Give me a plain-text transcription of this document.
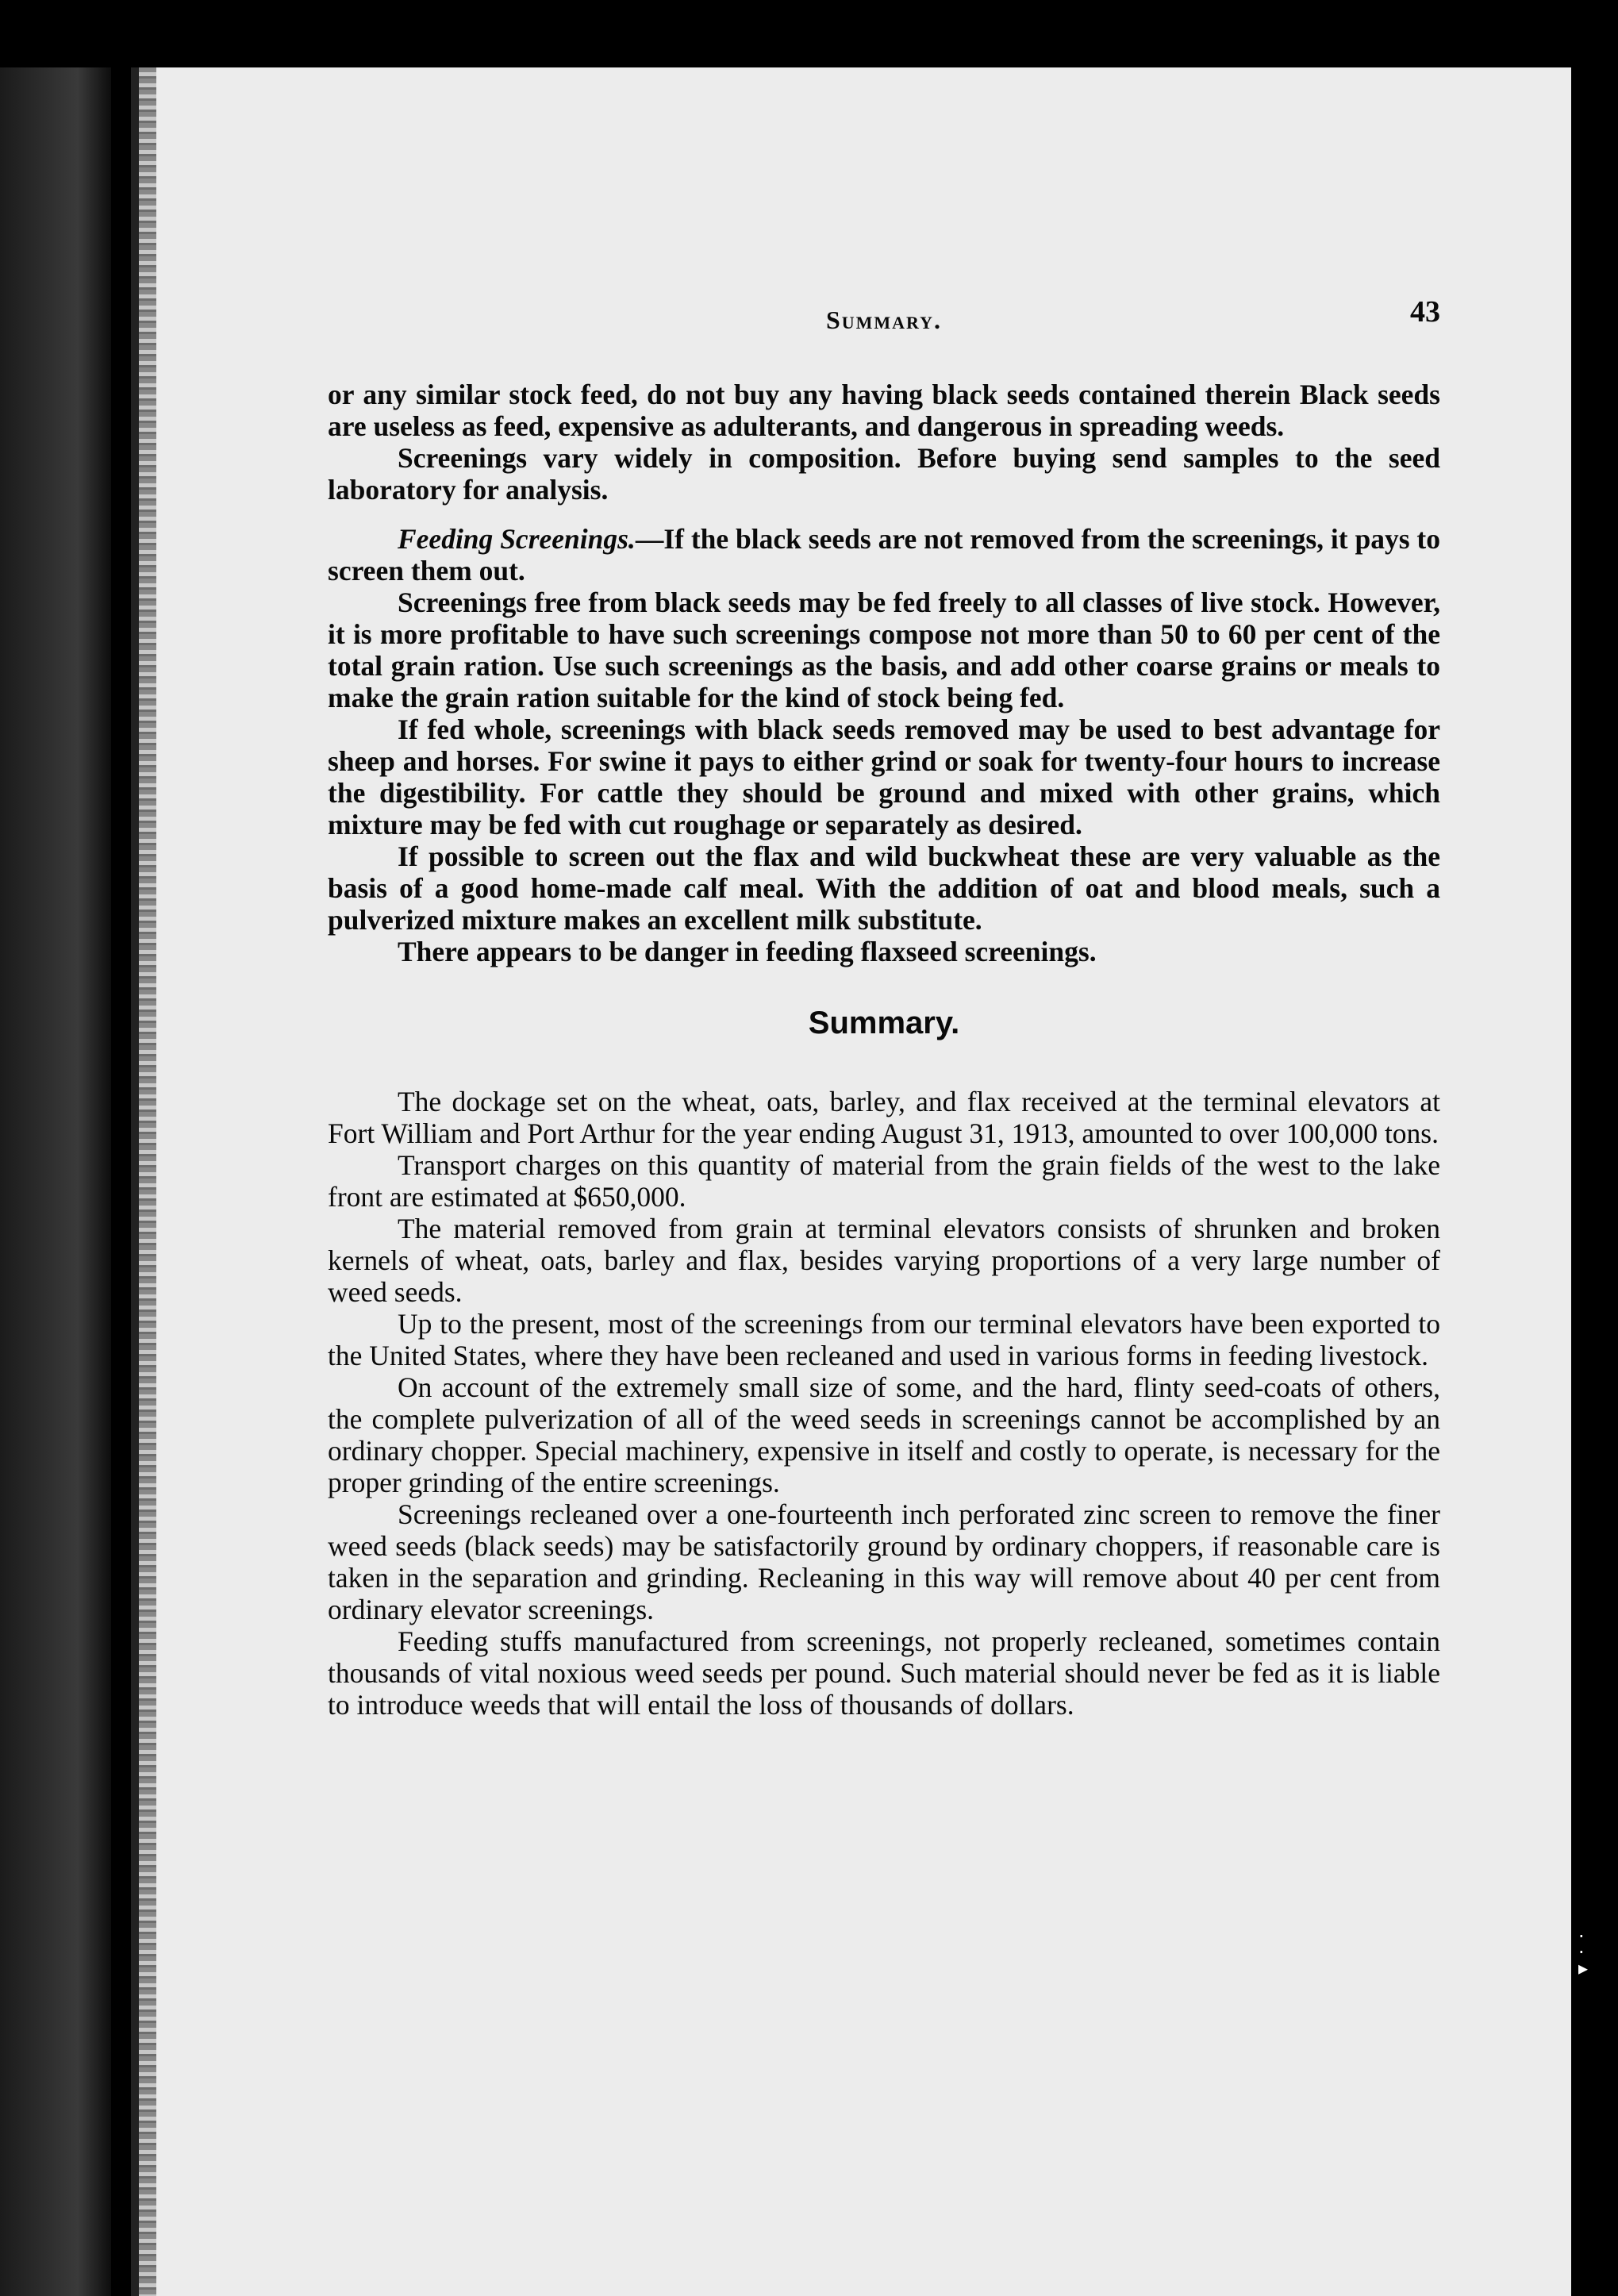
Summary.	43

or any similar stock feed, do not buy any having black seeds contained therein Black seeds are useless as feed, expensive as adulterants, and dangerous in spreading weeds.

Screenings vary widely in composition. Before buying send samples to the seed laboratory for analysis.

Feeding Screenings.—If the black seeds are not removed from the screenings, it pays to screen them out.

Screenings free from black seeds may be fed freely to all classes of live stock. However, it is more profitable to have such screenings compose not more than 50 to 60 per cent of the total grain ration. Use such screenings as the basis, and add other coarse grains or meals to make the grain ration suitable for the kind of stock being fed.

If fed whole, screenings with black seeds removed may be used to best advantage for sheep and horses. For swine it pays to either grind or soak for twenty-four hours to increase the digestibility. For cattle they should be ground and mixed with other grains, which mixture may be fed with cut roughage or separately as desired.

If possible to screen out the flax and wild buckwheat these are very valuable as the basis of a good home-made calf meal. With the addition of oat and blood meals, such a pulverized mixture makes an excellent milk substitute.

There appears to be danger in feeding flaxseed screenings.

Summary.

The dockage set on the wheat, oats, barley, and flax received at the terminal elevators at Fort William and Port Arthur for the year ending August 31, 1913, amounted to over 100,000 tons.

Transport charges on this quantity of material from the grain fields of the west to the lake front are estimated at $650,000.

The material removed from grain at terminal elevators consists of shrunken and broken kernels of wheat, oats, barley and flax, besides varying proportions of a very large number of weed seeds.

Up to the present, most of the screenings from our terminal elevators have been exported to the United States, where they have been recleaned and used in various forms in feeding livestock.

On account of the extremely small size of some, and the hard, flinty seed-coats of others, the complete pulverization of all of the weed seeds in screenings cannot be accomplished by an ordinary chopper. Special machinery, expensive in itself and costly to operate, is necessary for the proper grinding of the entire screenings.

Screenings recleaned over a one-fourteenth inch perforated zinc screen to remove the finer weed seeds (black seeds) may be satisfactorily ground by ordinary choppers, if reasonable care is taken in the separation and grinding. Recleaning in this way will remove about 40 per cent from ordinary elevator screenings.

Feeding stuffs manufactured from screenings, not properly recleaned, sometimes contain thousands of vital noxious weed seeds per pound. Such material should never be fed as it is liable to introduce weeds that will entail the loss of thousands of dollars.

·
·
▸
